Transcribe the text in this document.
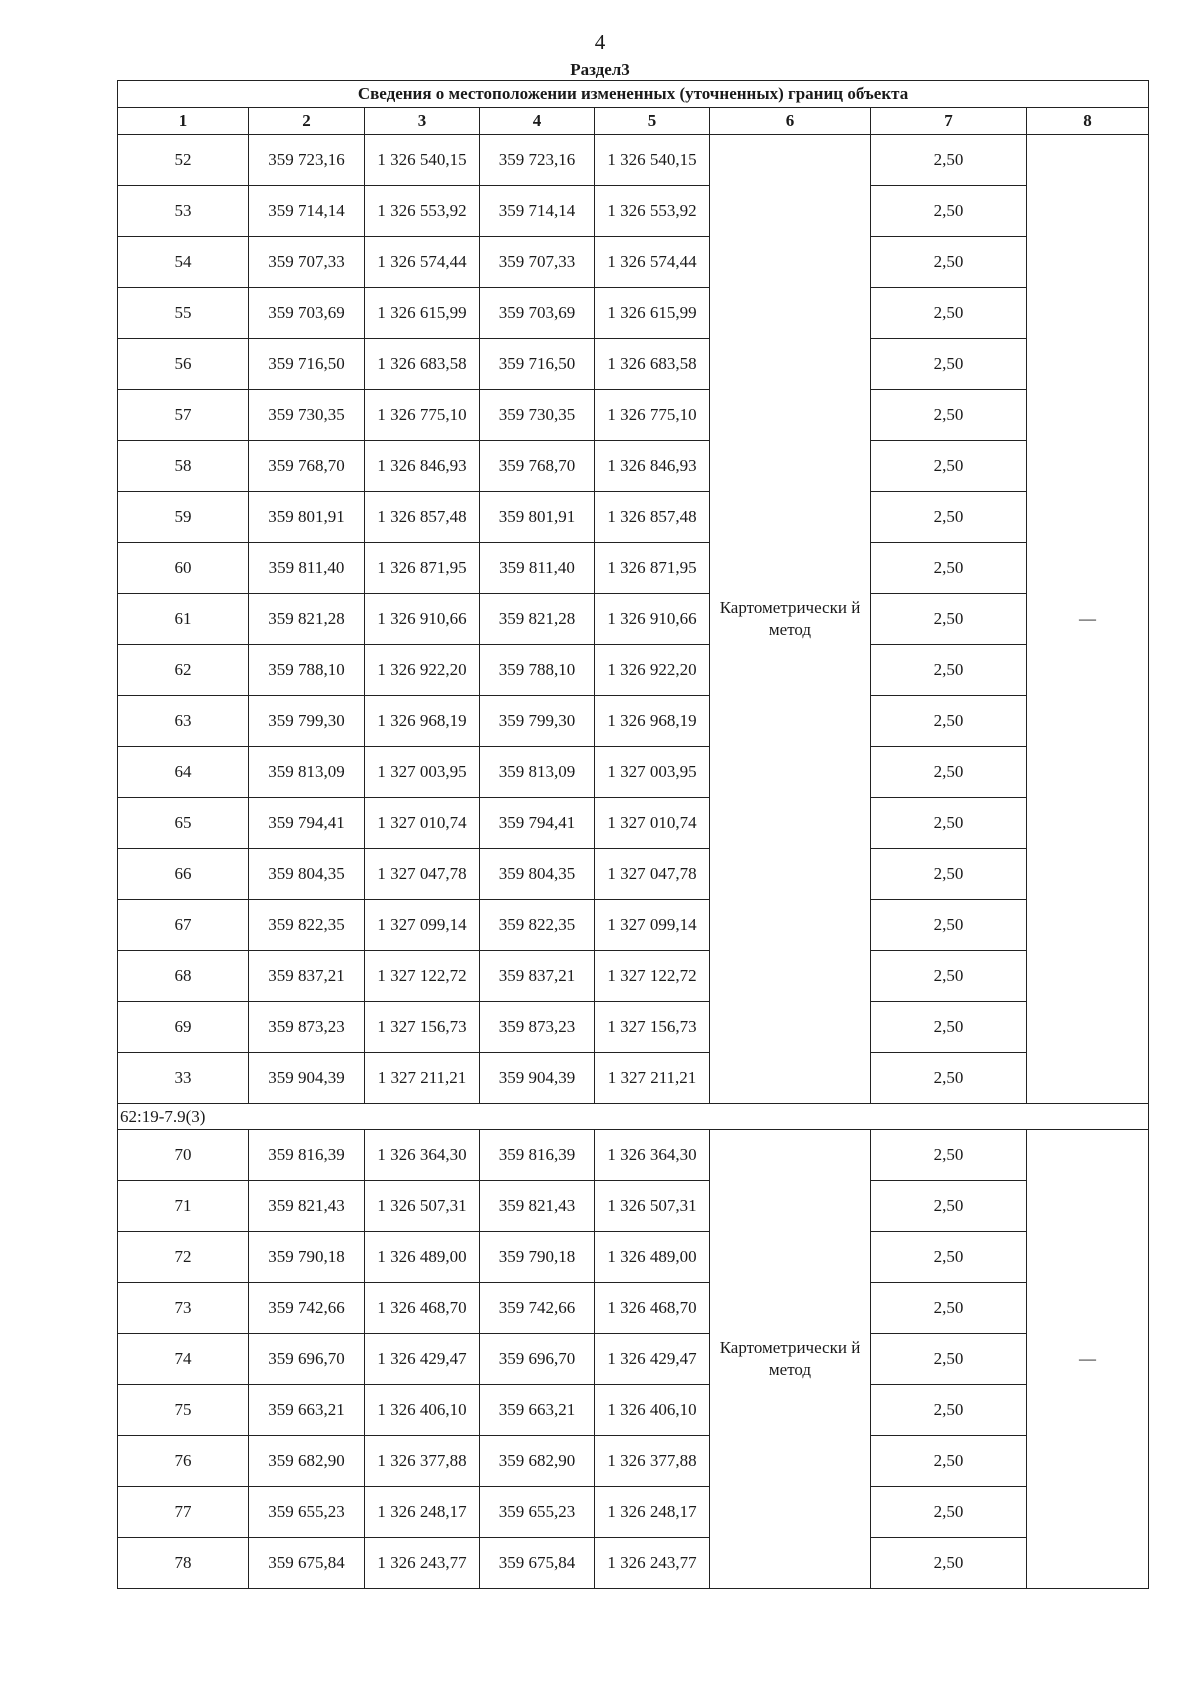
4
Раздел3
Сведения о местоположении измененных (уточненных) границ объекта							
1	2	3	4	5	6	7	8
52	359 723,16	1 326 540,15	359 723,16	1 326 540,15	Картометрически й метод	2,50	—
53	359 714,14	1 326 553,92	359 714,14	1 326 553,92		2,50	
54	359 707,33	1 326 574,44	359 707,33	1 326 574,44		2,50	
55	359 703,69	1 326 615,99	359 703,69	1 326 615,99		2,50	
56	359 716,50	1 326 683,58	359 716,50	1 326 683,58		2,50	
57	359 730,35	1 326 775,10	359 730,35	1 326 775,10		2,50	
58	359 768,70	1 326 846,93	359 768,70	1 326 846,93		2,50	
59	359 801,91	1 326 857,48	359 801,91	1 326 857,48		2,50	
60	359 811,40	1 326 871,95	359 811,40	1 326 871,95		2,50	
61	359 821,28	1 326 910,66	359 821,28	1 326 910,66		2,50	
62	359 788,10	1 326 922,20	359 788,10	1 326 922,20		2,50	
63	359 799,30	1 326 968,19	359 799,30	1 326 968,19		2,50	
64	359 813,09	1 327 003,95	359 813,09	1 327 003,95		2,50	
65	359 794,41	1 327 010,74	359 794,41	1 327 010,74		2,50	
66	359 804,35	1 327 047,78	359 804,35	1 327 047,78		2,50	
67	359 822,35	1 327 099,14	359 822,35	1 327 099,14		2,50	
68	359 837,21	1 327 122,72	359 837,21	1 327 122,72		2,50	
69	359 873,23	1 327 156,73	359 873,23	1 327 156,73		2,50	
33	359 904,39	1 327 211,21	359 904,39	1 327 211,21		2,50	
62:19-7.9(3)							
70	359 816,39	1 326 364,30	359 816,39	1 326 364,30	Картометрически й метод	2,50	—
71	359 821,43	1 326 507,31	359 821,43	1 326 507,31		2,50	
72	359 790,18	1 326 489,00	359 790,18	1 326 489,00		2,50	
73	359 742,66	1 326 468,70	359 742,66	1 326 468,70		2,50	
74	359 696,70	1 326 429,47	359 696,70	1 326 429,47		2,50	
75	359 663,21	1 326 406,10	359 663,21	1 326 406,10		2,50	
76	359 682,90	1 326 377,88	359 682,90	1 326 377,88		2,50	
77	359 655,23	1 326 248,17	359 655,23	1 326 248,17		2,50	
78	359 675,84	1 326 243,77	359 675,84	1 326 243,77		2,50	
